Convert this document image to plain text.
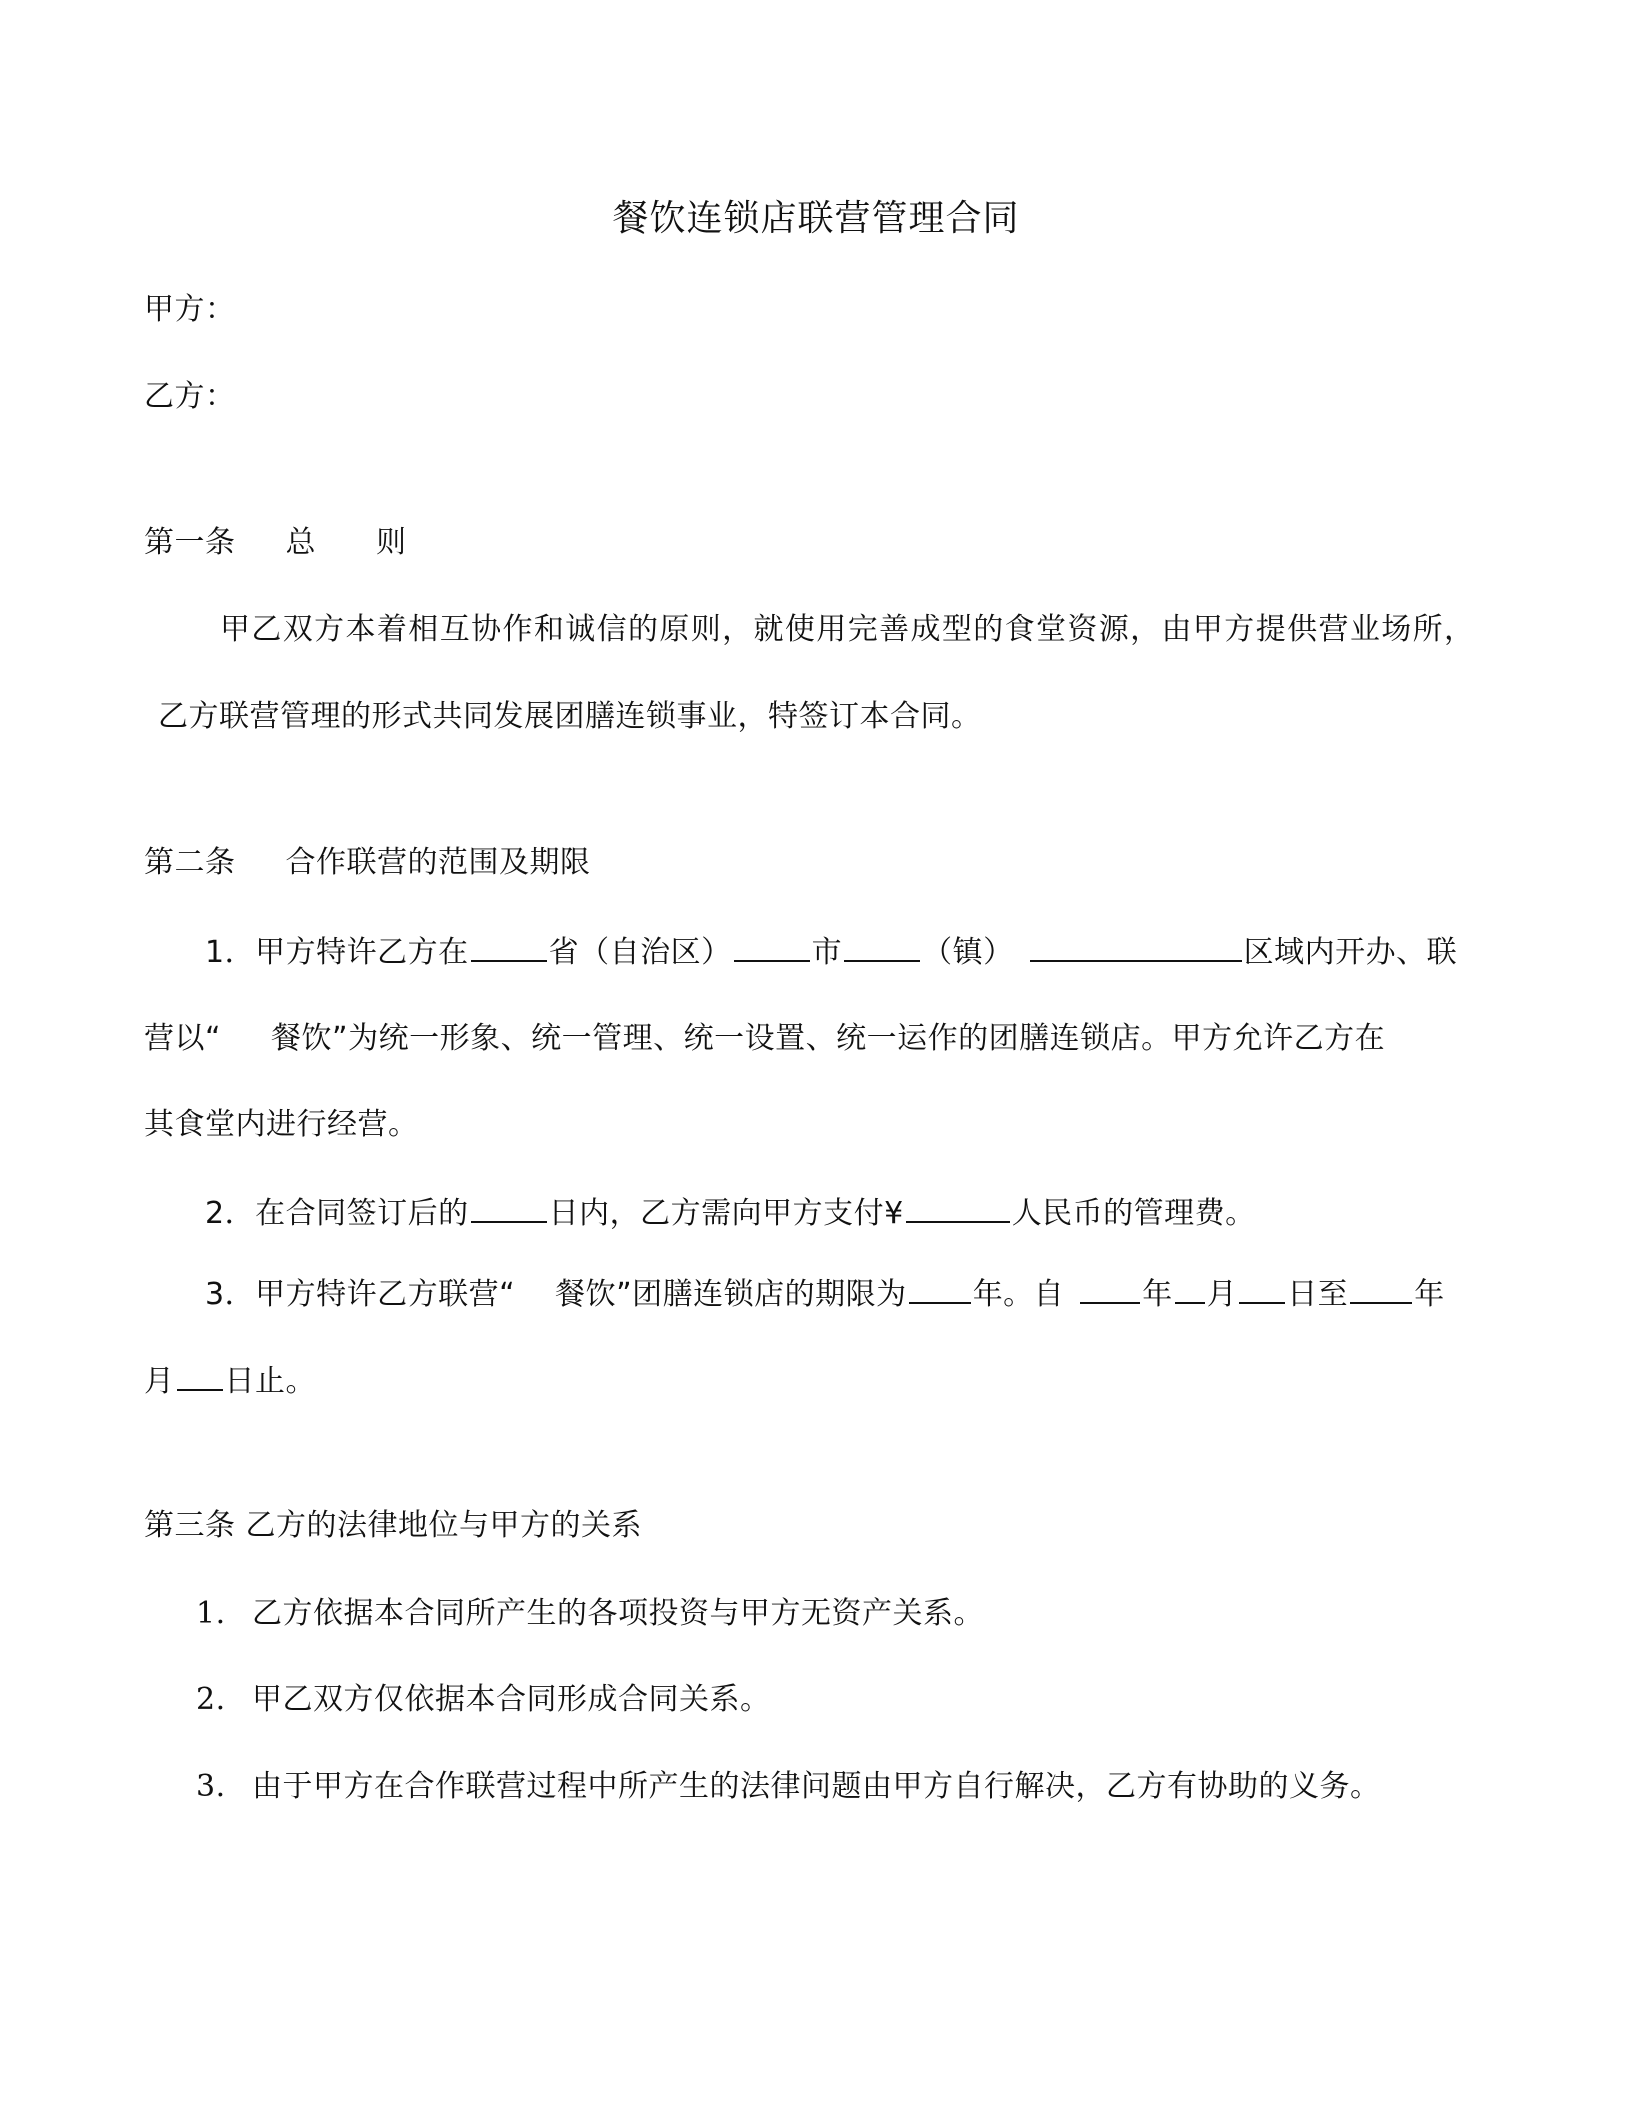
餐饮连锁店联营管理合同
甲方：
乙方：
第一条 总 则
甲乙双方本着相互协作和诚信的原则，就使用完善成型的食堂资源，由甲方提供营业场所，
乙方联营管理的形式共同发展团膳连锁事业，特签订本合同。
第二条 合作联营的范围及期限
1．甲方特许乙方在	省（自治区）	市	（镇）	区域内开办、联
营以“ 餐饮”为统一形象、统一管理、统一设置、统一运作的团膳连锁店。甲方允许乙方在
其食堂内进行经营。
2．在合同签订后的	日内，乙方需向甲方支付¥	人民币的管理费。
3．甲方特许乙方联营“ 餐饮”团膳连锁店的期限为 年。自	年 月 日至 年
月 日止。
第三条 乙方的法律地位与甲方的关系
1. 乙方依据本合同所产生的各项投资与甲方无资产关系。
2. 甲乙双方仅依据本合同形成合同关系。
3. 由于甲方在合作联营过程中所产生的法律问题由甲方自行解决，乙方有协助的义务。
